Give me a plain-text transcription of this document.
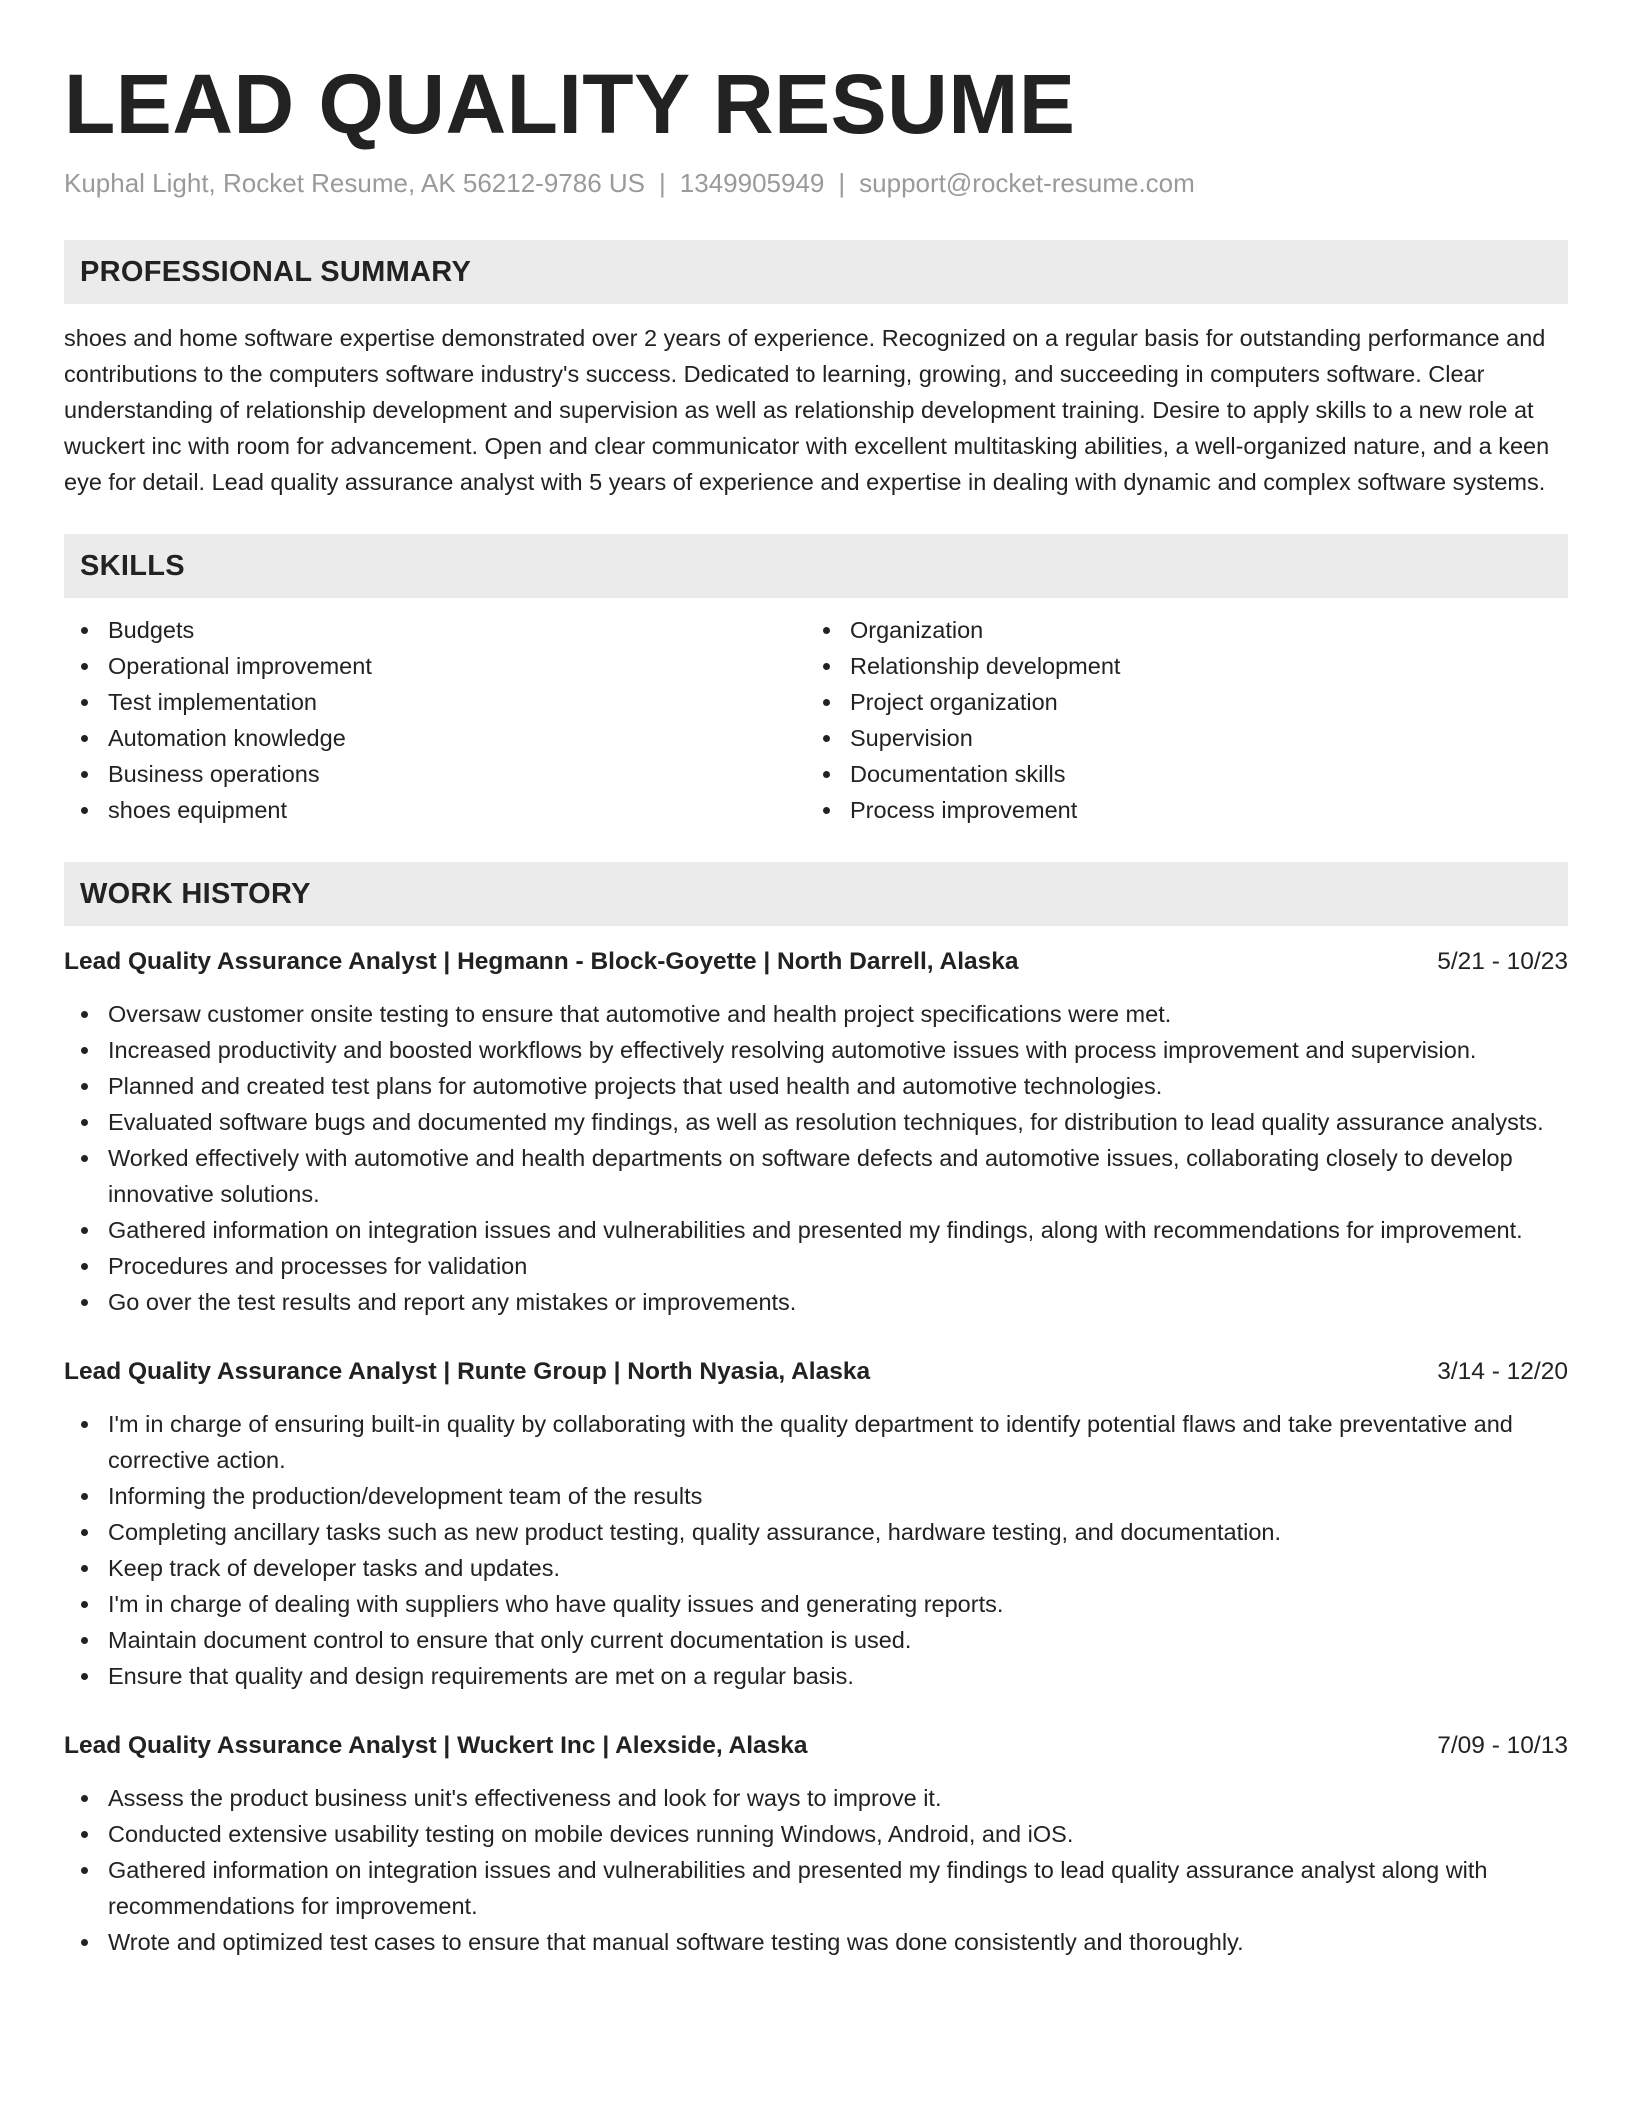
LEAD QUALITY RESUME
Kuphal Light, Rocket Resume, AK 56212-9786 US | 1349905949 | support@rocket-resume.com
PROFESSIONAL SUMMARY
shoes and home software expertise demonstrated over 2 years of experience. Recognized on a regular basis for outstanding performance and contributions to the computers software industry's success. Dedicated to learning, growing, and succeeding in computers software. Clear understanding of relationship development and supervision as well as relationship development training. Desire to apply skills to a new role at wuckert inc with room for advancement. Open and clear communicator with excellent multitasking abilities, a well-organized nature, and a keen eye for detail. Lead quality assurance analyst with 5 years of experience and expertise in dealing with dynamic and complex software systems.
SKILLS
Budgets
Operational improvement
Test implementation
Automation knowledge
Business operations
shoes equipment
Organization
Relationship development
Project organization
Supervision
Documentation skills
Process improvement
WORK HISTORY
Lead Quality Assurance Analyst | Hegmann - Block-Goyette | North Darrell, Alaska	5/21 - 10/23
Oversaw customer onsite testing to ensure that automotive and health project specifications were met.
Increased productivity and boosted workflows by effectively resolving automotive issues with process improvement and supervision.
Planned and created test plans for automotive projects that used health and automotive technologies.
Evaluated software bugs and documented my findings, as well as resolution techniques, for distribution to lead quality assurance analysts.
Worked effectively with automotive and health departments on software defects and automotive issues, collaborating closely to develop innovative solutions.
Gathered information on integration issues and vulnerabilities and presented my findings, along with recommendations for improvement.
Procedures and processes for validation
Go over the test results and report any mistakes or improvements.
Lead Quality Assurance Analyst | Runte Group | North Nyasia, Alaska	3/14 - 12/20
I'm in charge of ensuring built-in quality by collaborating with the quality department to identify potential flaws and take preventative and corrective action.
Informing the production/development team of the results
Completing ancillary tasks such as new product testing, quality assurance, hardware testing, and documentation.
Keep track of developer tasks and updates.
I'm in charge of dealing with suppliers who have quality issues and generating reports.
Maintain document control to ensure that only current documentation is used.
Ensure that quality and design requirements are met on a regular basis.
Lead Quality Assurance Analyst | Wuckert Inc | Alexside, Alaska	7/09 - 10/13
Assess the product business unit's effectiveness and look for ways to improve it.
Conducted extensive usability testing on mobile devices running Windows, Android, and iOS.
Gathered information on integration issues and vulnerabilities and presented my findings to lead quality assurance analyst along with recommendations for improvement.
Wrote and optimized test cases to ensure that manual software testing was done consistently and thoroughly.
